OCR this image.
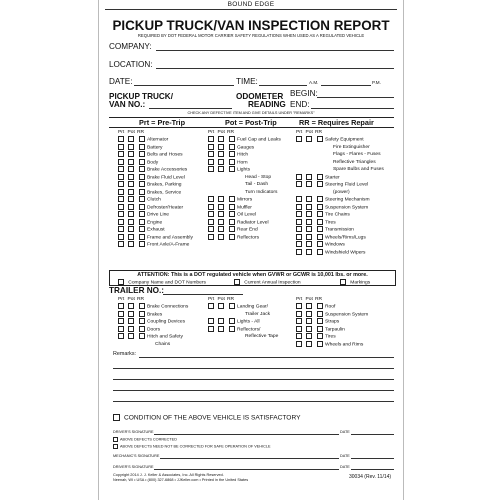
BOUND EDGE
PICKUP TRUCK/VAN INSPECTION REPORT
REQUIRED BY DOT FEDERAL MOTOR CARRIER SAFETY REGULATIONS WHEN USED AS A REGULATED VEHICLE
COMPANY:
LOCATION:
DATE:	TIME:	A.M.	P.M.
PICKUP TRUCK/
VAN NO.:
ODOMETER
READING
BEGIN:
END:
CHECK ANY DEFECTIVE ITEM AND GIVE DETAILS UNDER "REMARKS"
Prt = Pre-Trip	Pot = Post-Trip	RR = Requires Repair
Prt Pot RR
Alternator
Battery
Belts and Hoses
Body
Brake Accessories
Brake Fluid Level
Brakes, Parking
Brakes, Service
Clutch
Defroster/Heater
Drive Line
Engine
Exhaust
Frame and Assembly
Front Axle/A-Frame
Prt Pot RR
Fuel Cap and Leaks
Gauges
Hitch
Horn
Lights
Head - Stop
Tail - Dash
Turn Indicators
Mirrors
Muffler
Oil Level
Radiator Level
Rear End
Reflectors
Prt Pot RR
Safety Equipment
Fire Extinguisher
Flags - Flares - Fuses
Reflective Triangles
Spare Bulbs and Fuses
Starter
Steering Fluid Level
(power)
Steering Mechanism
Suspension System
Tire Chains
Tires
Transmission
Wheels/Rims/Lugs
Windows
Windshield Wipers
ATTENTION: This is a DOT regulated vehicle when GVWR or GCWR is 10,001 lbs. or more.
Company Name and DOT Numbers	Current Annual Inspection	Markings
TRAILER NO.:
Prt Pot RR
Brake Connections
Brakes
Coupling Devices
Doors
Hitch and Safety
Chains
Prt Pot RR
Landing Gear/
Trailer Jack
Lights - All
Reflectors/
Reflective Tape
Prt Pot RR
Roof
Suspension System
Straps
Tarpaulin
Tires
Wheels and Rims
Remarks:
CONDITION OF THE ABOVE VEHICLE IS SATISFACTORY
DRIVER'S SIGNATURE	DATE
ABOVE DEFECTS CORRECTED
ABOVE DEFECTS NEED NOT BE CORRECTED FOR SAFE OPERATION OF VEHICLE
MECHANIC'S SIGNATURE	DATE
DRIVER'S SIGNATURE	DATE
Copyright 2014 J. J. Keller & Associates, Inc. All Rights Reserved.
Neenah, WI • USA • (800) 327-6868 • JJKeller.com • Printed in the United States	30034 (Rev. 11/14)
